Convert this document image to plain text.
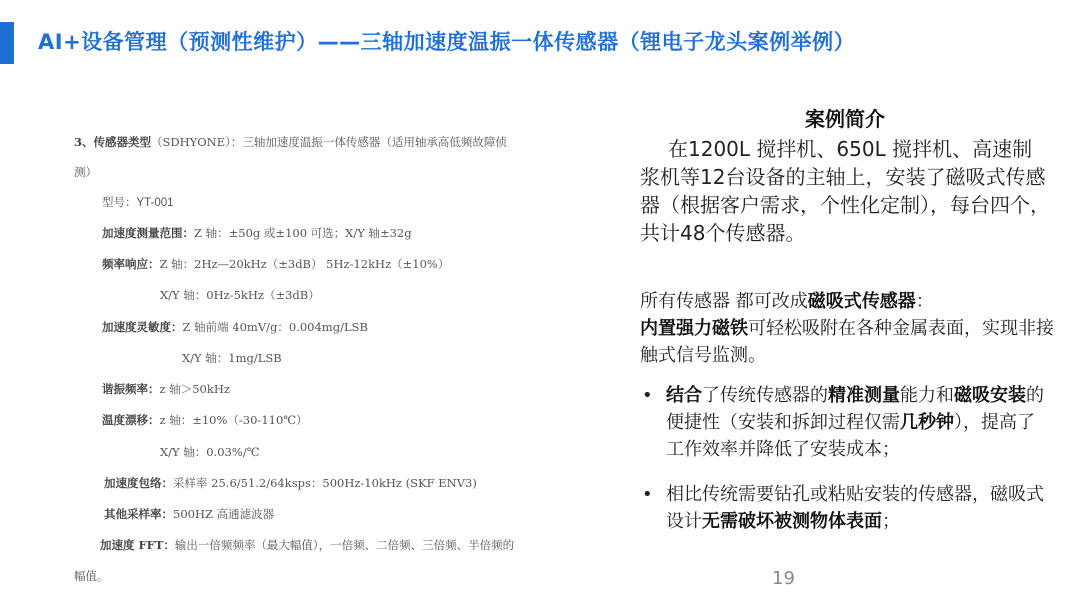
AI+设备管理（预测性维护）——三轴加速度温振一体传感器（锂电子龙头案例举例）
3、传感器类型（SDHYONE）：三轴加速度温振一体传感器（适用轴承高低频故障侦
测）
型号：YT-001
加速度测量范围：Z 轴：±50g 或±100 可选；X/Y 轴±32g
频率响应：Z 轴：2Hz—20kHz（±3dB） 5Hz-12kHz（±10%）
X/Y 轴：0Hz-5kHz（±3dB）
加速度灵敏度：Z 轴前端 40mV/g：0.004mg/LSB
X/Y 轴：1mg/LSB
谐振频率：z 轴＞50kHz
温度漂移：z 轴：±10%（-30-110℃）
X/Y 轴：0.03%/℃
加速度包络：采样率 25.6/51.2/64ksps：500Hz-10kHz (SKF ENV3)
其他采样率：500HZ 高通滤波器
加速度 FFT：输出一倍频频率（最大幅值），一倍频、二倍频、三倍频、半倍频的
幅值。
案例简介

在1200L 搅拌机、650L 搅拌机、高速制浆机等12台设备的主轴上，安装了磁吸式传感器（根据客户需求，个性化定制），每台四个，共计48个传感器。

所有传感器 都可改成磁吸式传感器：
内置强力磁铁可轻松吸附在各种金属表面，实现非接触式信号监测。
• 结合了传统传感器的精准测量能力和磁吸安装的便捷性（安装和拆卸过程仅需几秒钟），提高了工作效率并降低了安装成本；
• 相比传统需要钻孔或粘贴安装的传感器，磁吸式设计无需破坏被测物体表面；
19
